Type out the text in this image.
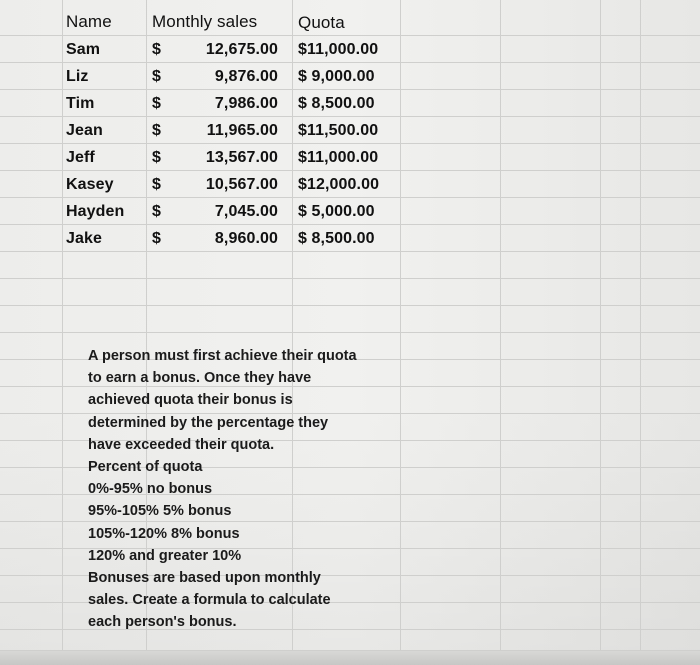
Name Monthly sales Quota
Sam	$	12,675.00 $11,000.00
Liz	$	9,876.00 $ 9,000.00
Tim	$	7,986.00 $ 8,500.00
Jean	$	11,965.00 $11,500.00
Jeff	$	13,567.00 $11,000.00
Kasey $	10,567.00 $12,000.00
Hayden $	7,045.00 $ 5,000.00
Jake	$	8,960.00 $ 8,500.00
A person must first achieve their quota
to earn a bonus. Once they have
achieved quota their bonus is
determined by the percentage they
have exceeded their quota.
Percent of quota
0%-95% no bonus
95%-105% 5% bonus
105%-120% 8% bonus
120% and greater 10%
Bonuses are based upon monthly
sales. Create a formula to calculate
each person's bonus.
